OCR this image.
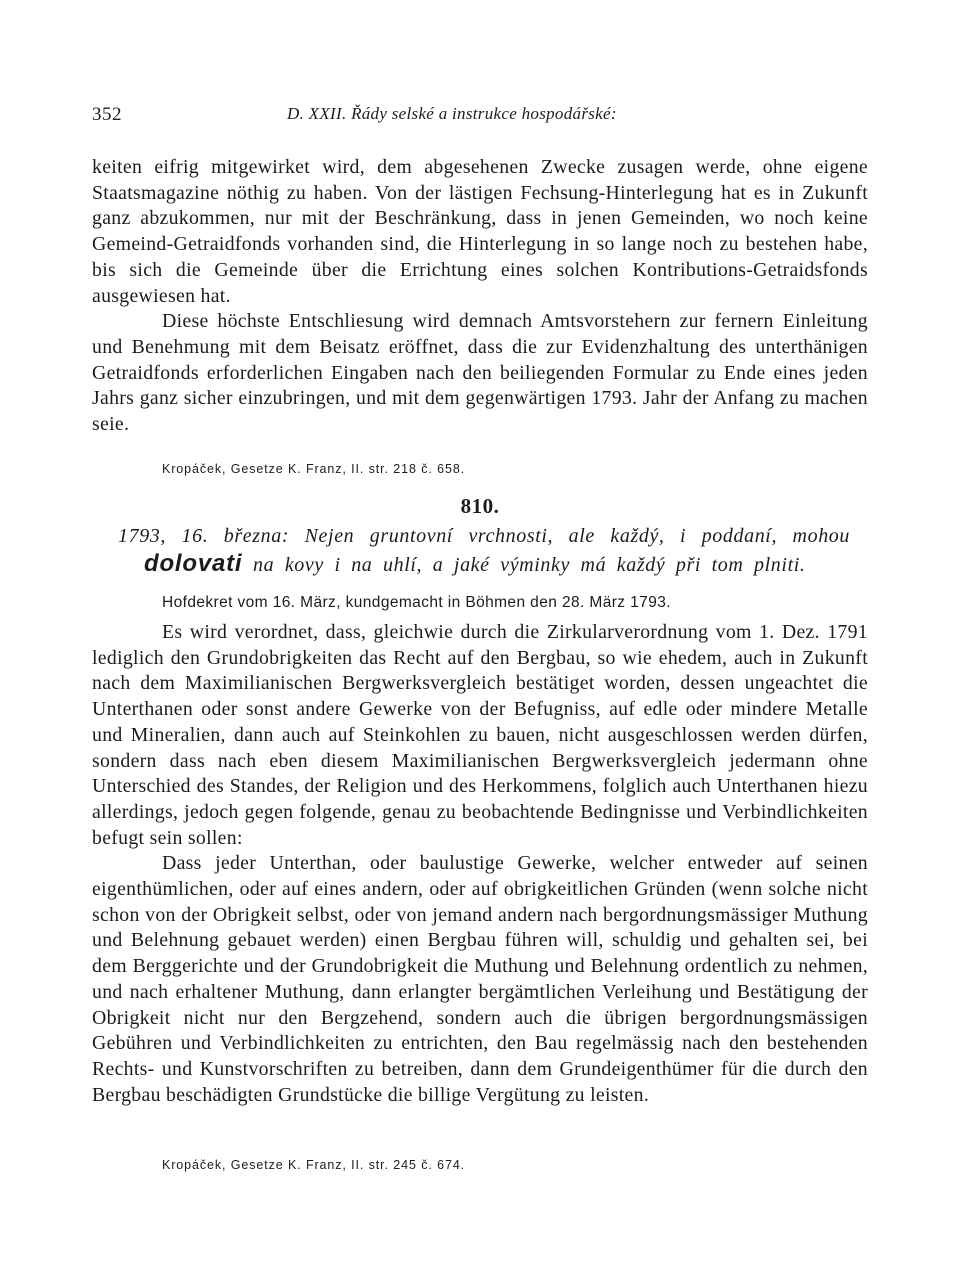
352	D. XXII. Řády selské a instrukce hospodářské:

keiten eifrig mitgewirket wird, dem abgesehenen Zwecke zusagen werde, ohne eigene Staatsmagazine nöthig zu haben. Von der lästigen Fechsung-Hinterlegung hat es in Zukunft ganz abzukommen, nur mit der Beschränkung, dass in jenen Gemeinden, wo noch keine Gemeind-Getraidfonds vorhanden sind, die Hinterlegung in so lange noch zu bestehen habe, bis sich die Gemeinde über die Errichtung eines solchen Kontributions-Getraidsfonds ausgewiesen hat.

Diese höchste Entschliesung wird demnach Amtsvorstehern zur fernern Einleitung und Benehmung mit dem Beisatz eröffnet, dass die zur Evidenzhaltung des unterthänigen Getraidfonds erforderlichen Eingaben nach den beiliegenden Formular zu Ende eines jeden Jahrs ganz sicher einzubringen, und mit dem gegenwärtigen 1793. Jahr der Anfang zu machen seie.

Kropáček, Gesetze K. Franz, II. str. 218 č. 658.
810.
1793, 16. března: Nejen gruntovní vrchnosti, ale každý, i poddaní, mohou
dolovati na kovy i na uhlí, a jaké výminky má každý při tom plniti.
Hofdekret vom 16. März, kundgemacht in Böhmen den 28. März 1793.

Es wird verordnet, dass, gleichwie durch die Zirkularverordnung vom 1. Dez. 1791 lediglich den Grundobrigkeiten das Recht auf den Bergbau, so wie ehedem, auch in Zukunft nach dem Maximilianischen Bergwerksvergleich bestätiget worden, dessen ungeachtet die Unterthanen oder sonst andere Gewerke von der Befugniss, auf edle oder mindere Metalle und Mineralien, dann auch auf Steinkohlen zu bauen, nicht ausgeschlossen werden dürfen, sondern dass nach eben diesem Maximilianischen Bergwerksvergleich jedermann ohne Unterschied des Standes, der Religion und des Herkommens, folglich auch Unterthanen hiezu allerdings, jedoch gegen folgende, genau zu beobachtende Bedingnisse und Verbindlichkeiten befugt sein sollen:

Dass jeder Unterthan, oder baulustige Gewerke, welcher entweder auf seinen eigenthümlichen, oder auf eines andern, oder auf obrigkeitlichen Gründen (wenn solche nicht schon von der Obrigkeit selbst, oder von jemand andern nach bergordnungsmässiger Muthung und Belehnung gebauet werden) einen Bergbau führen will, schuldig und gehalten sei, bei dem Berggerichte und der Grundobrigkeit die Muthung und Belehnung ordentlich zu nehmen, und nach erhaltener Muthung, dann erlangter bergämtlichen Verleihung und Bestätigung der Obrigkeit nicht nur den Bergzehend, sondern auch die übrigen bergordnungsmässigen Gebühren und Verbindlichkeiten zu entrichten, den Bau regelmässig nach den bestehenden Rechts- und Kunstvorschriften zu betreiben, dann dem Grundeigenthümer für die durch den Bergbau beschädigten Grundstücke die billige Vergütung zu leisten.

Kropáček, Gesetze K. Franz, II. str. 245 č. 674.
